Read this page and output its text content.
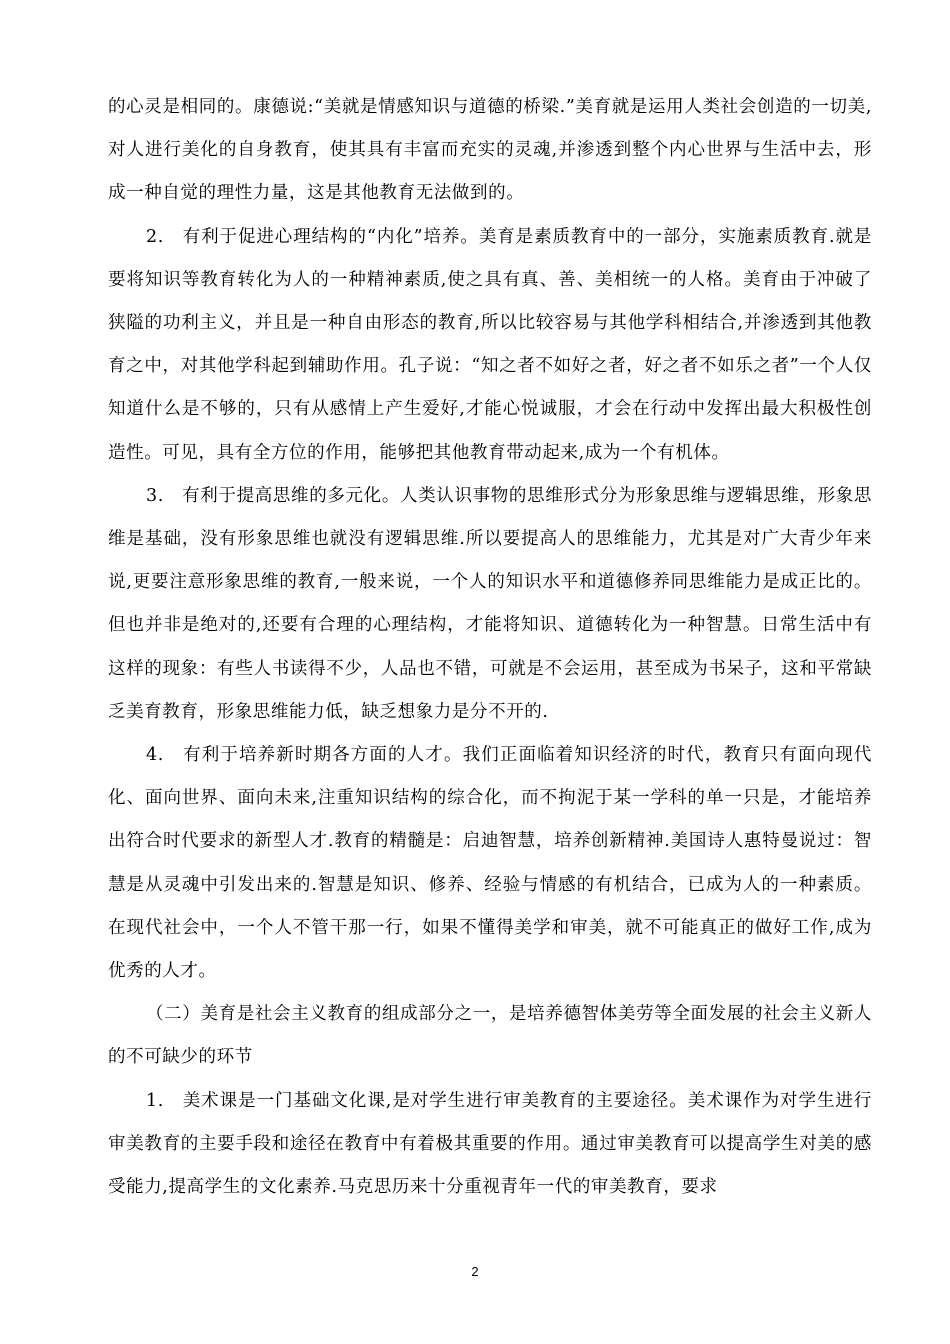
的心灵是相同的。康德说:“美就是情感知识与道德的桥梁.”美育就是运用人类社会创造的一切美,对人进行美化的自身教育，使其具有丰富而充实的灵魂,并渗透到整个内心世界与生活中去，形成一种自觉的理性力量，这是其他教育无法做到的。

2.　有利于促进心理结构的“内化”培养。美育是素质教育中的一部分，实施素质教育.就是要将知识等教育转化为人的一种精神素质,使之具有真、善、美相统一的人格。美育由于冲破了狭隘的功利主义，并且是一种自由形态的教育,所以比较容易与其他学科相结合,并渗透到其他教育之中，对其他学科起到辅助作用。孔子说：“知之者不如好之者，好之者不如乐之者”一个人仅知道什么是不够的，只有从感情上产生爱好,才能心悦诚服，才会在行动中发挥出最大积极性创造性。可见，具有全方位的作用，能够把其他教育带动起来,成为一个有机体。

3.　有利于提高思维的多元化。人类认识事物的思维形式分为形象思维与逻辑思维，形象思维是基础，没有形象思维也就没有逻辑思维.所以要提高人的思维能力，尤其是对广大青少年来说,更要注意形象思维的教育,一般来说，一个人的知识水平和道德修养同思维能力是成正比的。但也并非是绝对的,还要有合理的心理结构，才能将知识、道德转化为一种智慧。日常生活中有这样的现象：有些人书读得不少，人品也不错，可就是不会运用，甚至成为书呆子，这和平常缺乏美育教育，形象思维能力低，缺乏想象力是分不开的.

4.　有利于培养新时期各方面的人才。我们正面临着知识经济的时代，教育只有面向现代化、面向世界、面向未来,注重知识结构的综合化，而不拘泥于某一学科的单一只是，才能培养出符合时代要求的新型人才.教育的精髓是：启迪智慧，培养创新精神.美国诗人惠特曼说过：智慧是从灵魂中引发出来的.智慧是知识、修养、经验与情感的有机结合，已成为人的一种素质。在现代社会中，一个人不管干那一行，如果不懂得美学和审美，就不可能真正的做好工作,成为优秀的人才。

（二）美育是社会主义教育的组成部分之一，是培养德智体美劳等全面发展的社会主义新人的不可缺少的环节

1.　美术课是一门基础文化课,是对学生进行审美教育的主要途径。美术课作为对学生进行审美教育的主要手段和途径在教育中有着极其重要的作用。通过审美教育可以提高学生对美的感受能力,提高学生的文化素养.马克思历来十分重视青年一代的审美教育，要求

2
